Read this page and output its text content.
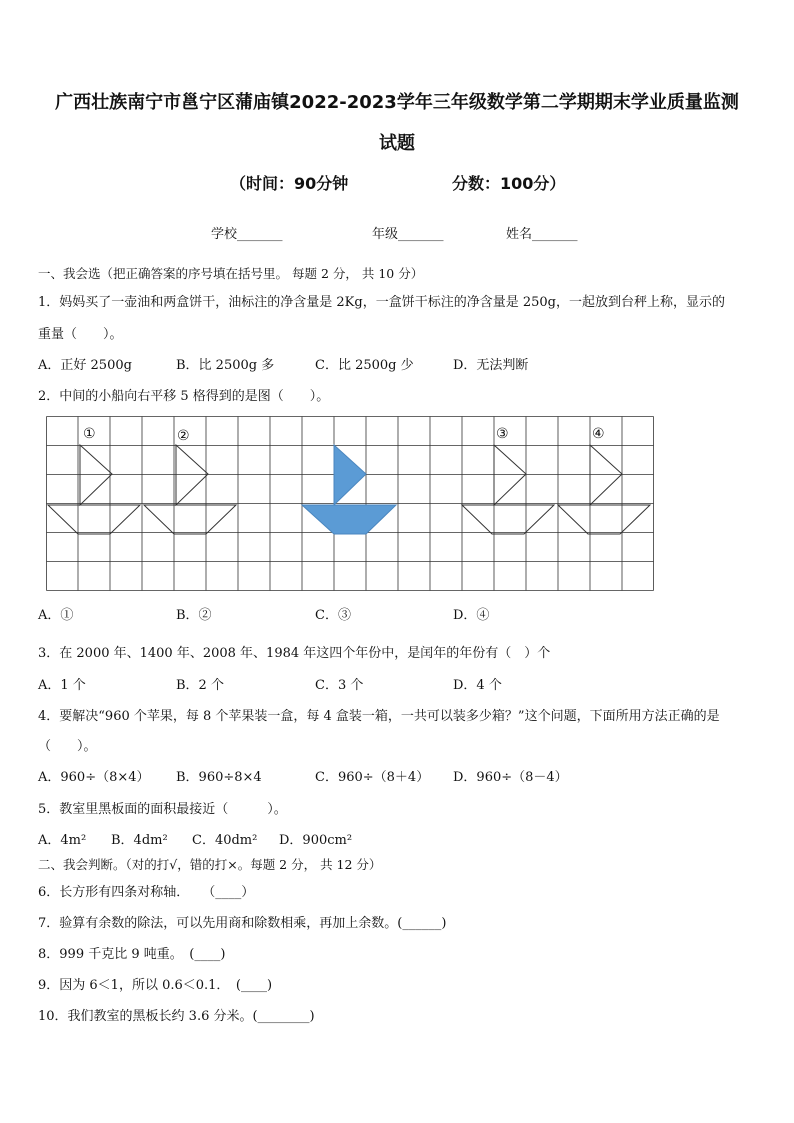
广西壮族南宁市邕宁区蒲庙镇2022-2023学年三年级数学第二学期期末学业质量监测
试题
（时间：90分钟	分数：100分）
学校_______	年级_______	姓名_______
一、我会选（把正确答案的序号填在括号里。 每题 2 分， 共 10 分）
1．妈妈买了一壶油和两盒饼干，油标注的净含量是 2Kg，一盒饼干标注的净含量是 250g，一起放到台秤上称，显示的
重量（　　）。
A．正好 2500g	B．比 2500g 多	C．比 2500g 少	D．无法判断
2．中间的小船向右平移 5 格得到的是图（　　）。
①	②	③	④
A．①	B．②	C．③	D．④
3．在 2000 年、1400 年、2008 年、1984 年这四个年份中，是闰年的年份有（　）个
A．1 个	B．2 个	C．3 个	D．4 个
4．要解决“960 个苹果，每 8 个苹果装一盒，每 4 盒装一箱，一共可以装多少箱？”这个问题，下面所用方法正确的是
（　　）。
A．960÷（8×4） B．960÷8×4	C．960÷（8＋4） D．960÷（8－4）
5．教室里黑板面的面积最接近（　　　）。
A．4m² B．4dm² C．40dm² D．900cm²
二、我会判断。（对的打√，错的打×。每题 2 分， 共 12 分）
6．长方形有四条对称轴．　　（____）
7．验算有余数的除法，可以先用商和除数相乘，再加上余数。(______)
8．999 千克比 9 吨重。　(____)
9．因为 6＜1，所以 0.6＜0.1．　(____)
10．我们教室的黑板长约 3.6 分米。(________)
